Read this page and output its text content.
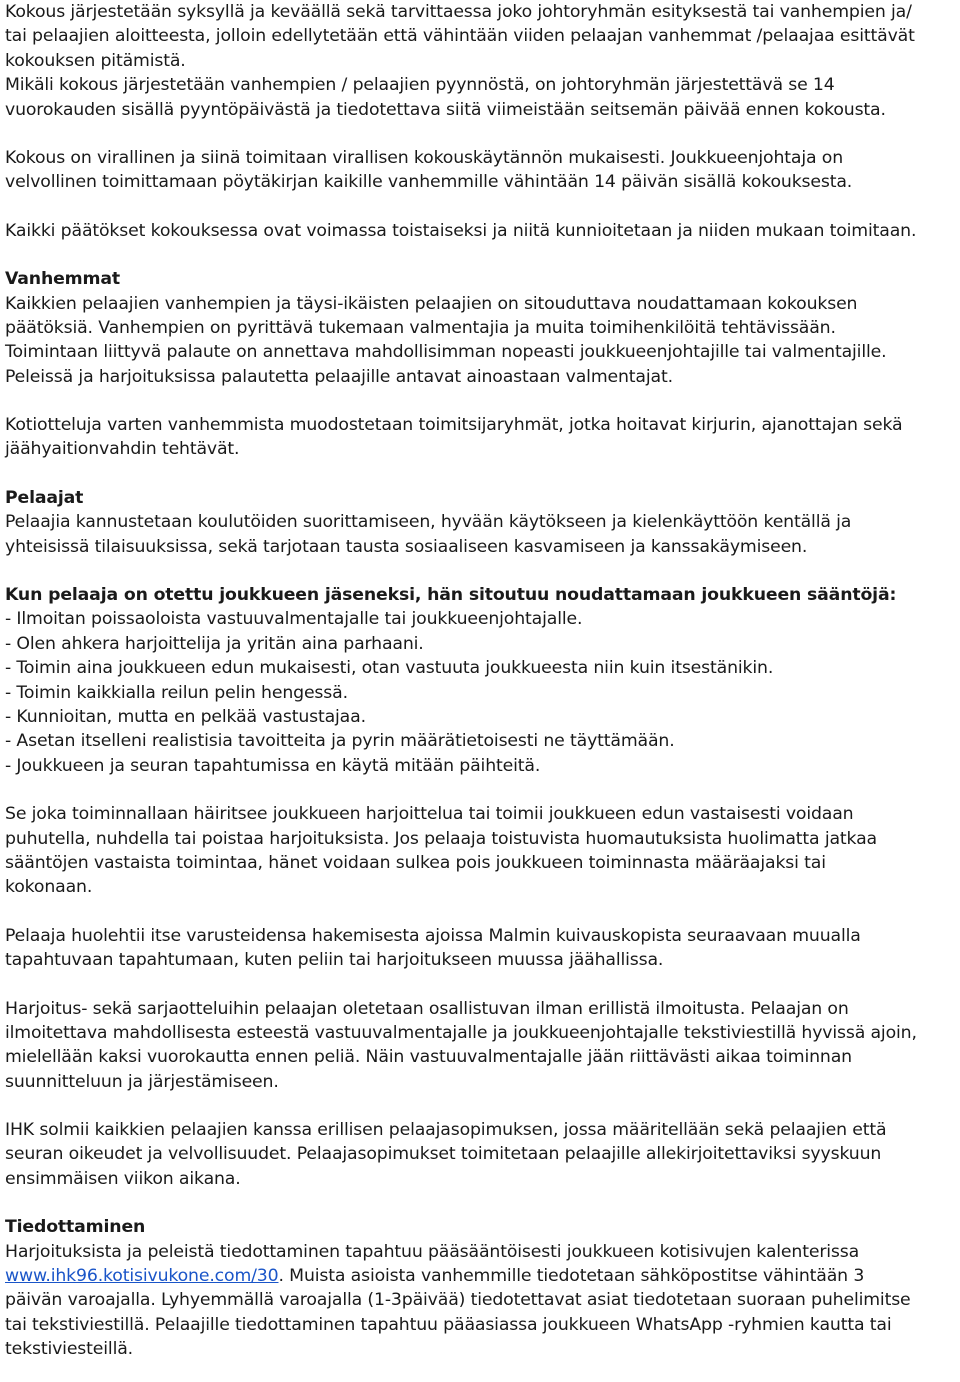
Kokous järjestetään syksyllä ja keväällä sekä tarvittaessa joko johtoryhmän esityksestä tai vanhempien ja/
tai pelaajien aloitteesta, jolloin edellytetään että vähintään viiden pelaajan vanhemmat /pelaajaa esittävät
kokouksen pitämistä.
Mikäli kokous järjestetään vanhempien / pelaajien pyynnöstä, on johtoryhmän järjestettävä se 14
vuorokauden sisällä pyyntöpäivästä ja tiedotettava siitä viimeistään seitsemän päivää ennen kokousta.
Kokous on virallinen ja siinä toimitaan virallisen kokouskäytännön mukaisesti. Joukkueenjohtaja on
velvollinen toimittamaan pöytäkirjan kaikille vanhemmille vähintään 14 päivän sisällä kokouksesta.
Kaikki päätökset kokouksessa ovat voimassa toistaiseksi ja niitä kunnioitetaan ja niiden mukaan toimitaan.
Vanhemmat
Kaikkien pelaajien vanhempien ja täysi-ikäisten pelaajien on sitouduttava noudattamaan kokouksen
päätöksiä. Vanhempien on pyrittävä tukemaan valmentajia ja muita toimihenkilöitä tehtävissään.
Toimintaan liittyvä palaute on annettava mahdollisimman nopeasti joukkueenjohtajille tai valmentajille.
Peleissä ja harjoituksissa palautetta pelaajille antavat ainoastaan valmentajat.
Kotiotteluja varten vanhemmista muodostetaan toimitsijaryhmät, jotka hoitavat kirjurin, ajanottajan sekä
jäähyaitionvahdin tehtävät.
Pelaajat
Pelaajia kannustetaan koulutöiden suorittamiseen, hyvään käytökseen ja kielenkäyttöön kentällä ja
yhteisissä tilaisuuksissa, sekä tarjotaan tausta sosiaaliseen kasvamiseen ja kanssakäymiseen.
Kun pelaaja on otettu joukkueen jäseneksi, hän sitoutuu noudattamaan joukkueen sääntöjä:
- Ilmoitan poissaoloista vastuuvalmentajalle tai joukkueenjohtajalle.
- Olen ahkera harjoittelija ja yritän aina parhaani.
- Toimin aina joukkueen edun mukaisesti, otan vastuuta joukkueesta niin kuin itsestänikin.
- Toimin kaikkialla reilun pelin hengessä.
- Kunnioitan, mutta en pelkää vastustajaa.
- Asetan itselleni realistisia tavoitteita ja pyrin määrätietoisesti ne täyttämään.
- Joukkueen ja seuran tapahtumissa en käytä mitään päihteitä.
Se joka toiminnallaan häiritsee joukkueen harjoittelua tai toimii joukkueen edun vastaisesti voidaan
puhutella, nuhdella tai poistaa harjoituksista. Jos pelaaja toistuvista huomautuksista huolimatta jatkaa
sääntöjen vastaista toimintaa, hänet voidaan sulkea pois joukkueen toiminnasta määräajaksi tai
kokonaan.
Pelaaja huolehtii itse varusteidensa hakemisesta ajoissa Malmin kuivauskopista seuraavaan muualla
tapahtuvaan tapahtumaan, kuten peliin tai harjoitukseen muussa jäähallissa.
Harjoitus- sekä sarjaotteluihin pelaajan oletetaan osallistuvan ilman erillistä ilmoitusta. Pelaajan on
ilmoitettava mahdollisesta esteestä vastuuvalmentajalle ja joukkueenjohtajalle tekstiviestillä hyvissä ajoin,
mielellään kaksi vuorokautta ennen peliä. Näin vastuuvalmentajalle jään riittävästi aikaa toiminnan
suunnitteluun ja järjestämiseen.
IHK solmii kaikkien pelaajien kanssa erillisen pelaajasopimuksen, jossa määritellään sekä pelaajien että
seuran oikeudet ja velvollisuudet. Pelaajasopimukset toimitetaan pelaajille allekirjoitettaviksi syyskuun
ensimmäisen viikon aikana.
Tiedottaminen
Harjoituksista ja peleistä tiedottaminen tapahtuu pääsääntöisesti joukkueen kotisivujen kalenterissa
www.ihk96.kotisivukone.com/30. Muista asioista vanhemmille tiedotetaan sähköpostitse vähintään 3
päivän varoajalla. Lyhyemmällä varoajalla (1-3päivää) tiedotettavat asiat tiedotetaan suoraan puhelimitse
tai tekstiviestillä. Pelaajille tiedottaminen tapahtuu pääasiassa joukkueen WhatsApp -ryhmien kautta tai
tekstiviesteillä.
